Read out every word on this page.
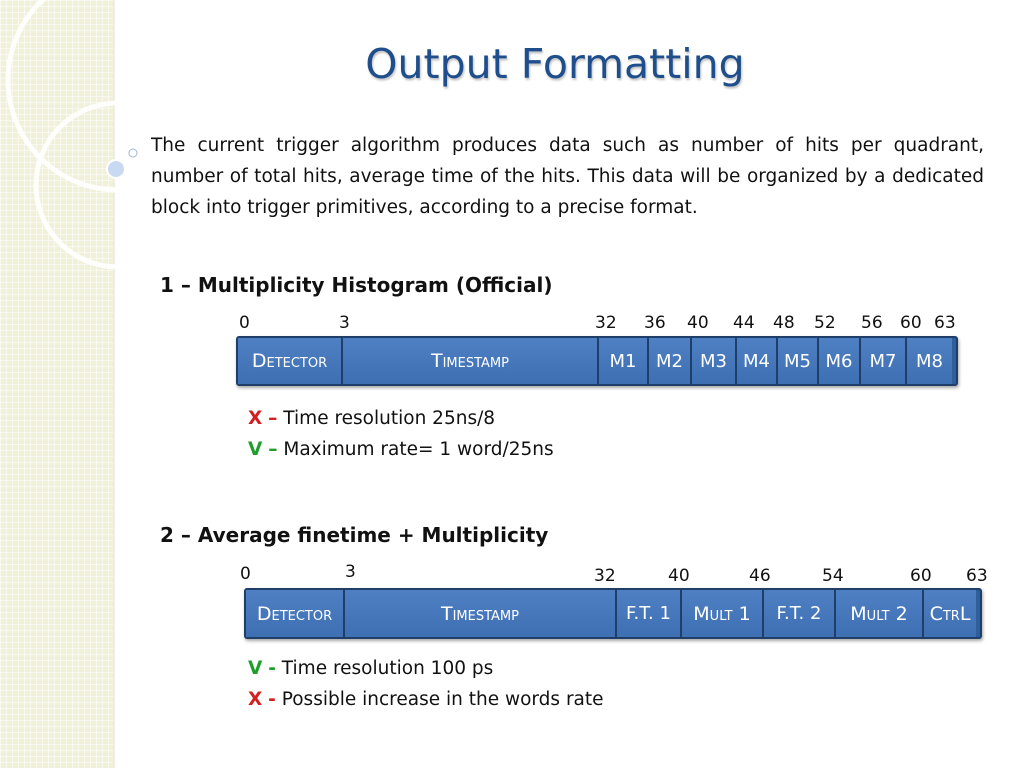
Output Formatting
The current trigger algorithm produces data such as number of hits per quadrant, number of total hits, average time of the hits. This data will be organized by a dedicated block into trigger primitives, according to a precise format.
1 – Multiplicity Histogram (Official)
0	3	32 36 40 44 48 52 56 60 63
Detector	Timestamp	M1	M2 M3 M4 M5 M6 M7	M8
X – Time resolution 25ns/8
V – Maximum rate= 1 word/25ns
2 – Average finetime + Multiplicity
0	3	32	40	46	54	60 63
Detector	Timestamp	F.T. 1	Mult 1	F.T. 2	Mult 2	CtrL
V - Time resolution 100 ps
X - Possible increase in the words rate
